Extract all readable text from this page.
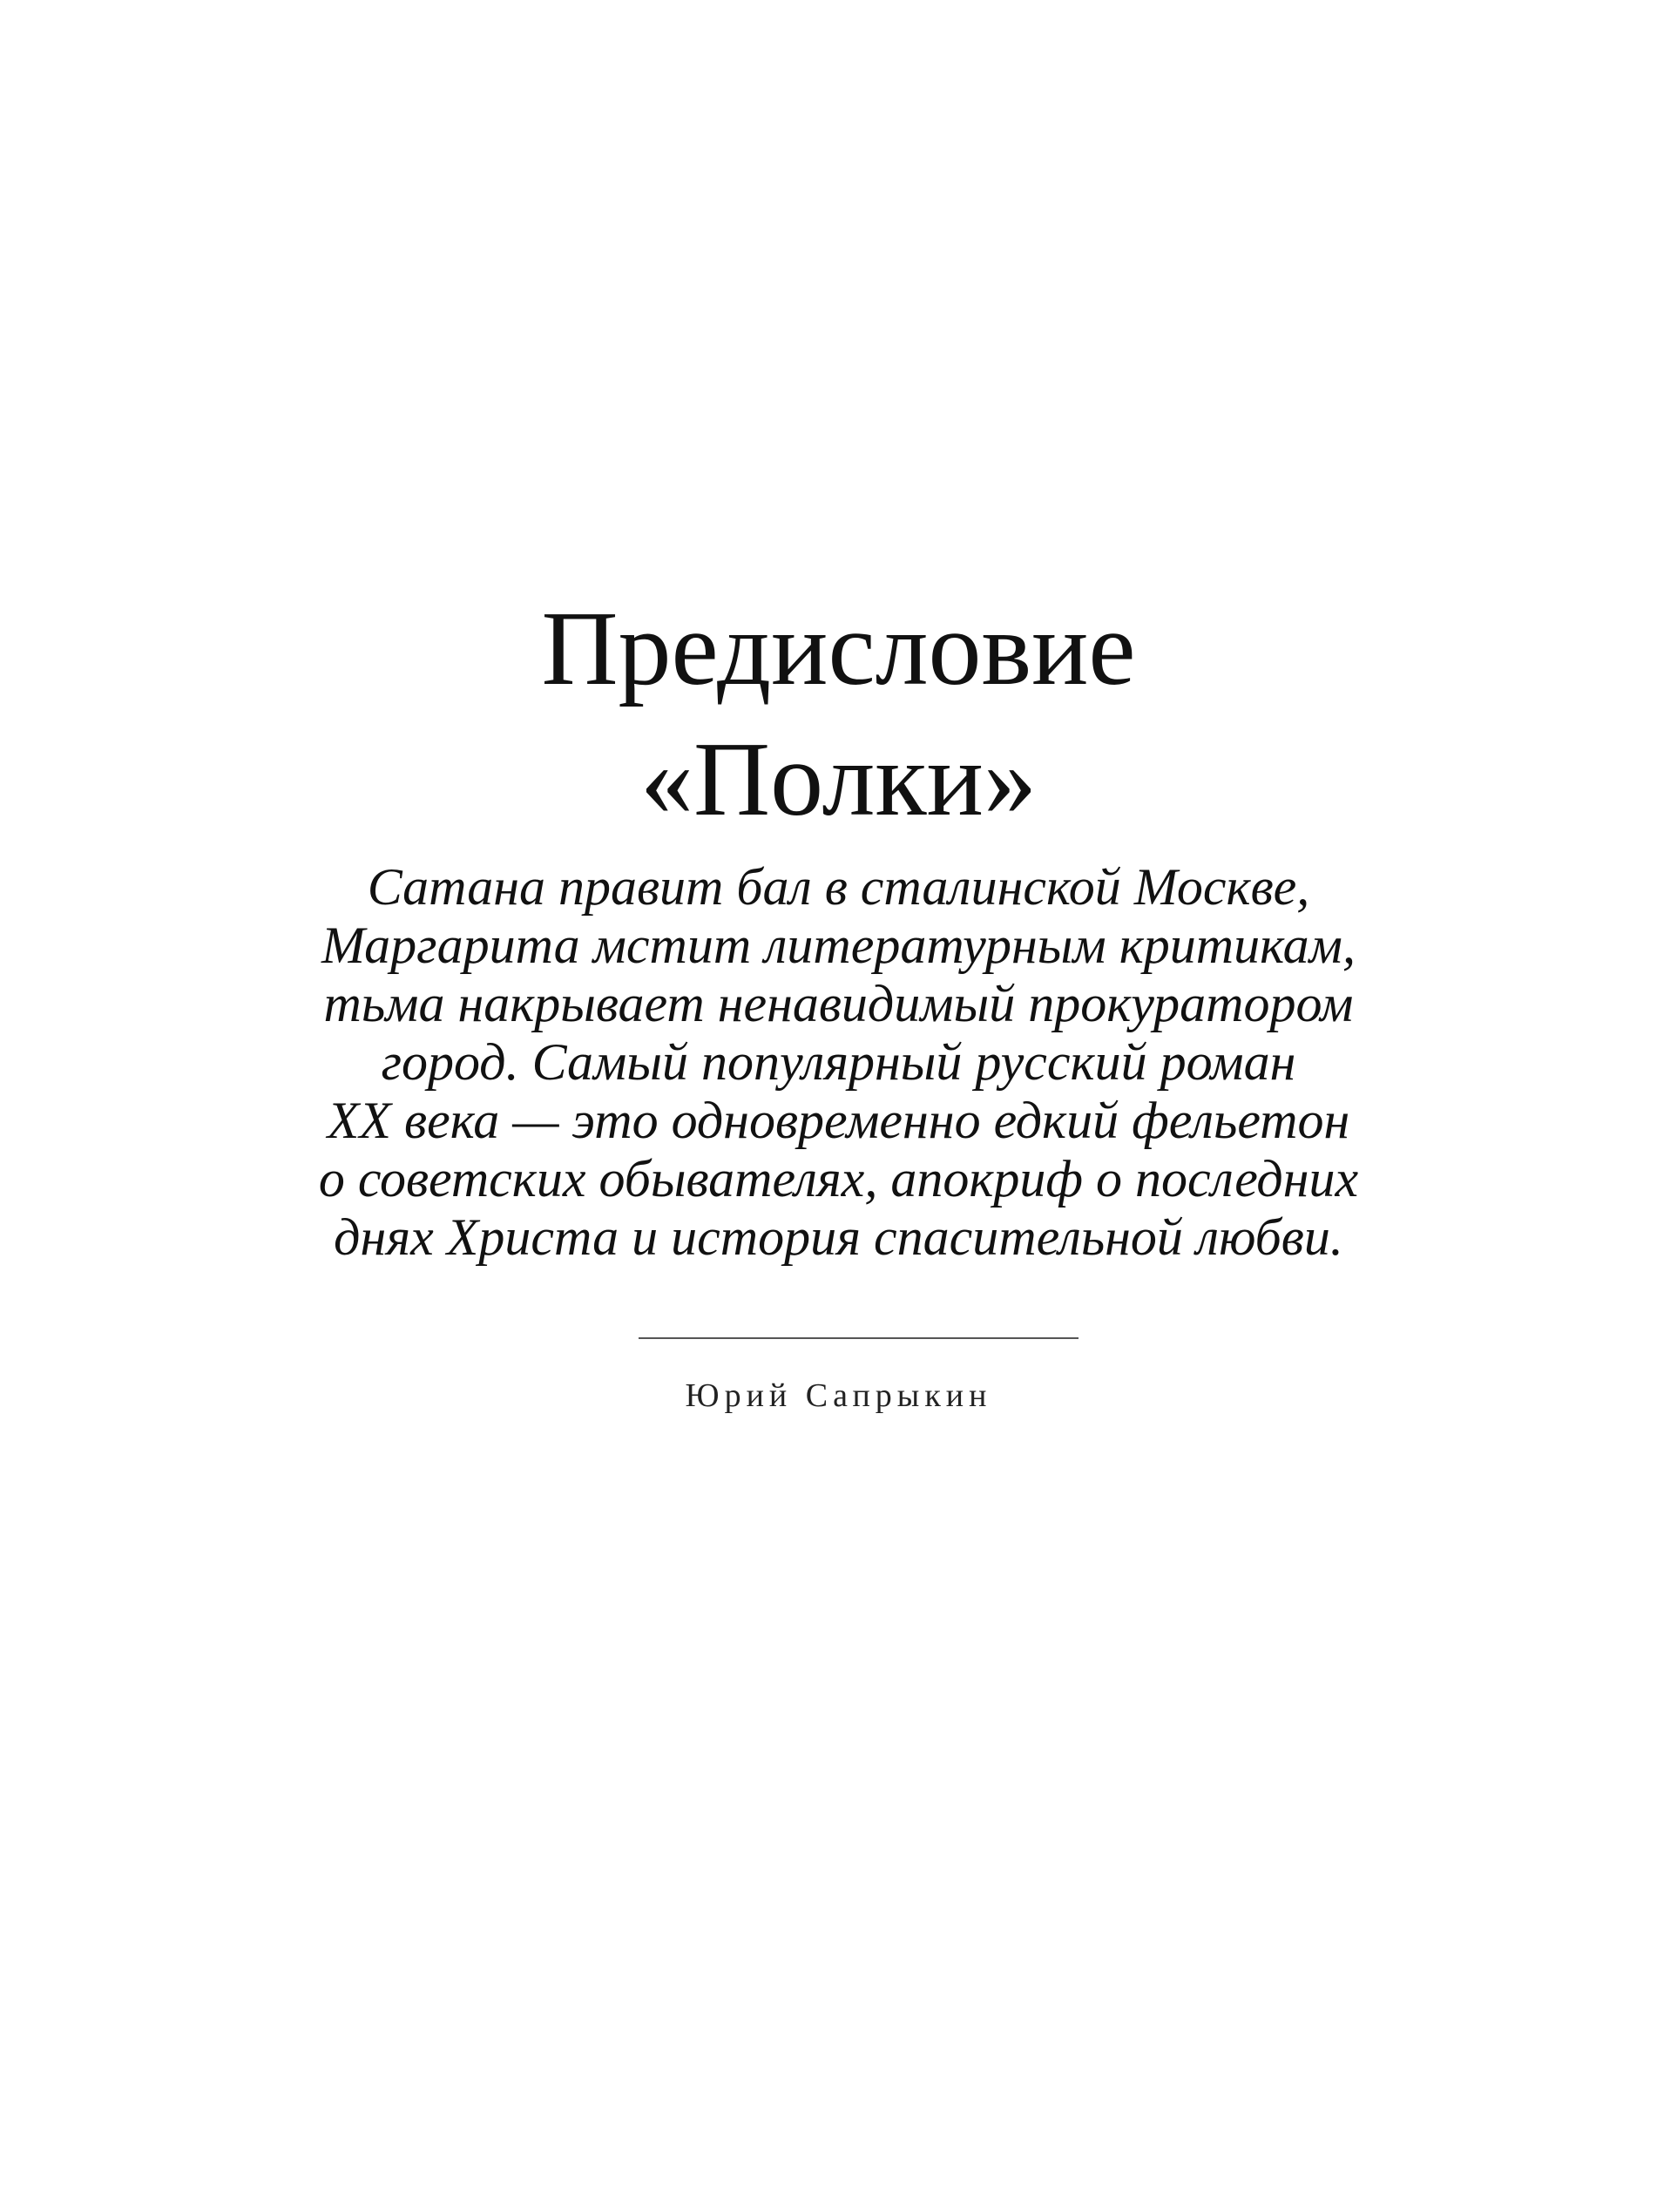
Предисловие
«Полки»

Сатана правит бал в сталинской Москве,
Маргарита мстит литературным критикам,
тьма накрывает ненавидимый прокуратором
город. Самый популярный русский роман
XX века — это одновременно едкий фельетон
о советских обывателях, апокриф о последних
днях Христа и история спасительной любви.

Юрий Сапрыкин
